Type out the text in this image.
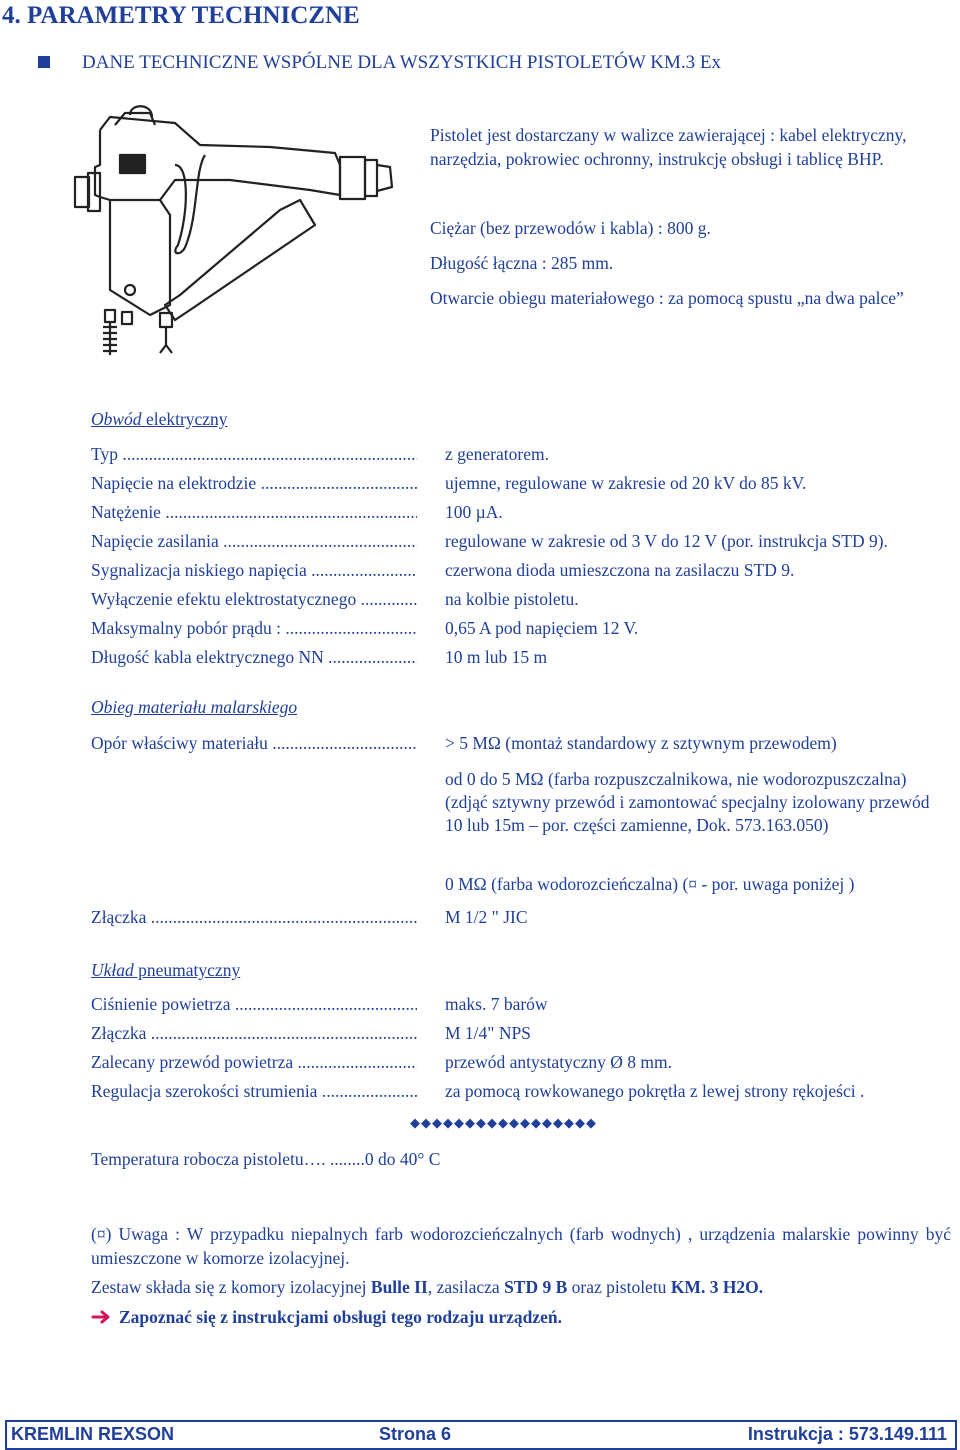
4. PARAMETRY TECHNICZNE
DANE TECHNICZNE WSPÓLNE DLA WSZYSTKICH PISTOLETÓW KM.3 Ex
Pistolet jest dostarczany w walizce zawierającej : kabel elektryczny, narzędzia, pokrowiec ochronny, instrukcję obsługi i tablicę BHP.
Ciężar (bez przewodów i kabla) : 800 g.
Długość łączna : 285 mm.
Otwarcie obiegu materiałowego : za pomocą spustu „na dwa palce”
Obwód elektryczny
Typ .....	z generatorem.
Napięcie na elektrodzie .....	ujemne, regulowane w zakresie od 20 kV do 85 kV.
Natężenie .....	100 µA.
Napięcie zasilania .....	regulowane w zakresie od 3 V do 12 V (por. instrukcja STD 9).
Sygnalizacja niskiego napięcia .....	czerwona dioda umieszczona na zasilaczu STD 9.
Wyłączenie efektu elektrostatycznego .....	na kolbie pistoletu.
Maksymalny pobór prądu : .....	0,65 A pod napięciem 12 V.
Długość kabla elektrycznego NN .....	10 m lub 15 m
Obieg materiału malarskiego
Opór właściwy materiału .....	> 5 MΩ (montaż standardowy z sztywnym przewodem)
od 0 do 5 MΩ (farba rozpuszczalnikowa, nie wodorozpuszczalna) (zdjąć sztywny przewód i zamontować specjalny izolowany przewód 10 lub 15m – por. części zamienne, Dok. 573.163.050)
0 MΩ (farba wodorozcieńczalna) (¤ - por. uwaga poniżej )
Złączka .....	M 1/2 " JIC
Układ pneumatyczny
Ciśnienie powietrza .....	maks. 7 barów
Złączka .....	M 1/4" NPS
Zalecany przewód powietrza .....	przewód antystatyczny Ø 8 mm.
Regulacja szerokości strumienia .....	za pomocą rowkowanego pokrętła z lewej strony rękojeści .
◆◆◆◆◆◆◆◆◆◆◆◆◆◆◆◆◆
Temperatura robocza pistoletu…. ........0 do 40° C
(¤) Uwaga : W przypadku niepalnych farb wodorozcieńczalnych (farb wodnych) , urządzenia malarskie powinny być umieszczone w komorze izolacyjnej.
Zestaw składa się z komory izolacyjnej Bulle II, zasilacza STD 9 B oraz pistoletu KM. 3 H2O.
Zapoznać się z instrukcjami obsługi tego rodzaju urządzeń.
KREMLIN REXSON	Strona 6	Instrukcja : 573.149.111
